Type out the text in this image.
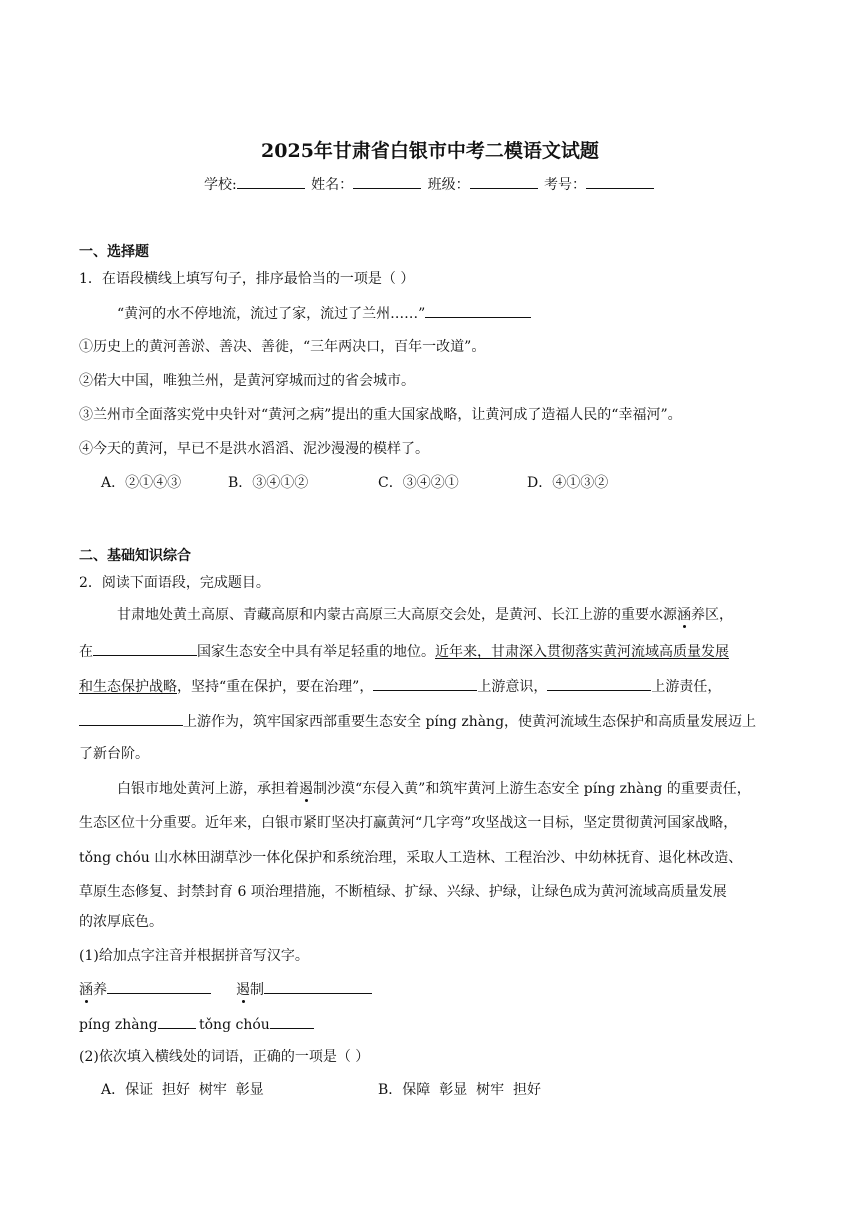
2025年甘肃省白银市中考二模语文试题
学校:	姓名：	班级：	考号：
一、选择题
1．在语段横线上填写句子，排序最恰当的一项是（ ）
“黄河的水不停地流，流过了家，流过了兰州……”
①历史上的黄河善淤、善决、善徙，“三年两决口，百年一改道”。
②偌大中国，唯独兰州，是黄河穿城而过的省会城市。
③兰州市全面落实党中央针对“黄河之病”提出的重大国家战略，让黄河成了造福人民的“幸福河”。
④今天的黄河，早已不是洪水滔滔、泥沙漫漫的模样了。
A．②①④③	B．③④①②	C．③④②①	D．④①③②
二、基础知识综合
2．阅读下面语段，完成题目。
甘肃地处黄土高原、青藏高原和内蒙古高原三大高原交会处，是黄河、长江上游的重要水源涵养区，
在	国家生态安全中具有举足轻重的地位。近年来，甘肃深入贯彻落实黄河流域高质量发展
和生态保护战略，坚持“重在保护，要在治理”，	上游意识，	上游责任，
上游作为，筑牢国家西部重要生态安全 píng zhàng，使黄河流域生态保护和高质量发展迈上
了新台阶。
白银市地处黄河上游，承担着遏制沙漠“东侵入黄”和筑牢黄河上游生态安全 píng zhàng 的重要责任，
生态区位十分重要。近年来，白银市紧盯坚决打赢黄河“几字弯”攻坚战这一目标，坚定贯彻黄河国家战略，
tǒng chóu 山水林田湖草沙一体化保护和系统治理，采取人工造林、工程治沙、中幼林抚育、退化林改造、
草原生态修复、封禁封育 6 项治理措施，不断植绿、扩绿、兴绿、护绿，让绿色成为黄河流域高质量发展
的浓厚底色。
(1)给加点字注音并根据拼音写汉字。
涵养	遏制
píng zhàng	tǒng chóu
(2)依次填入横线处的词语，正确的一项是（ ）
A．保证  担好  树牢  彰显	B．保障  彰显  树牢  担好
